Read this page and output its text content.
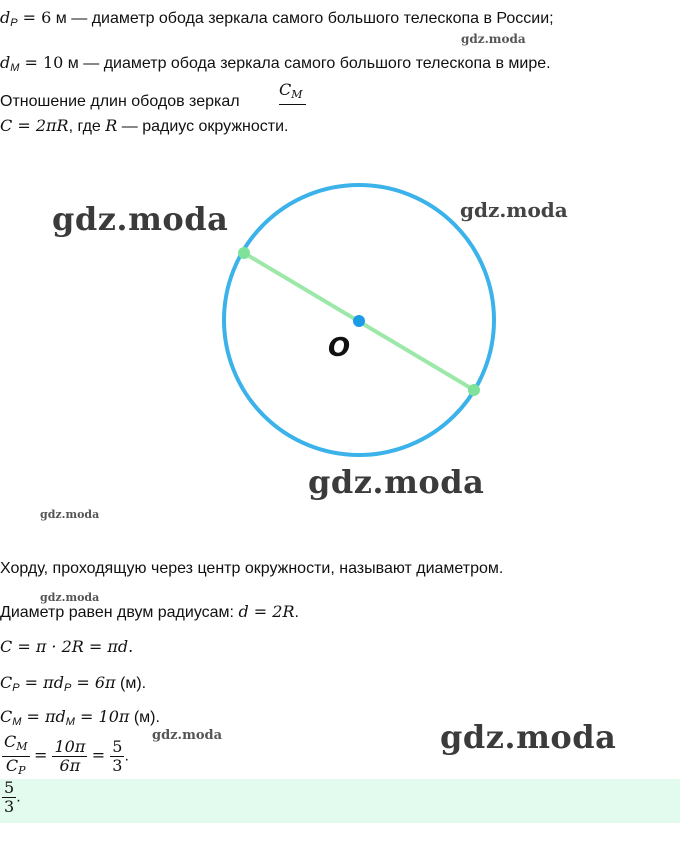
$d_P = 6$ м — диаметр обода зеркала самого большого телескопа в России;
$d_М = 10$ м — диаметр обода зеркала самого большого телескопа в мире.
Отношение длин ободов зеркал
$C_М$
C = 2πR, где R — радиус окружности.
O
gdz.moda
gdz.moda	gdz.moda
gdz.moda
gdz.moda
gdz.moda
gdz.moda	gdz.moda
Хорду, проходящую через центр окружности, называют диаметром.
Диаметр равен двум радиусам: d = 2R.
C = π · 2R = πd.
$C_P = \pi d_P = 6\pi$ (м).
$C_М = \pi d_М = 10\pi$ (м).
$\frac{C_М}{C_P} = \frac{10\pi}{6\pi} = \frac{5}{3}$ .
$\frac{5}{3}$ .
